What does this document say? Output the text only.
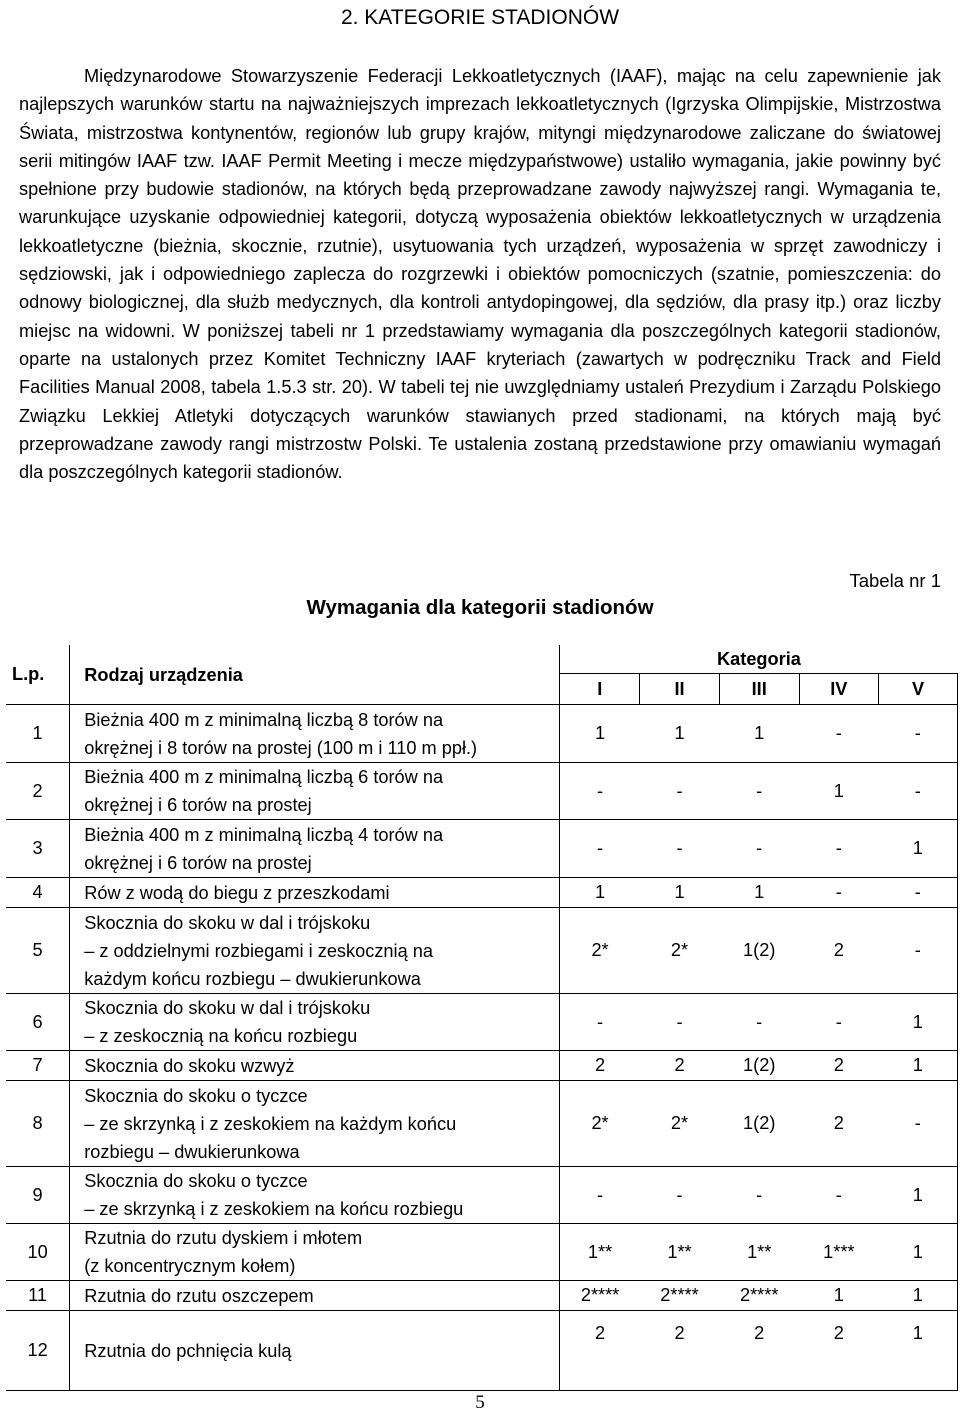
2. KATEGORIE STADIONÓW

Międzynarodowe Stowarzyszenie Federacji Lekkoatletycznych (IAAF), mając na celu zapewnienie jak najlepszych warunków startu na najważniejszych imprezach lekkoatletycznych (Igrzyska Olimpijskie, Mistrzostwa Świata, mistrzostwa kontynentów, regionów lub grupy krajów, mityngi międzynarodowe zaliczane do światowej serii mitingów IAAF tzw. IAAF Permit Meeting i mecze międzypaństwowe) ustaliło wymagania, jakie powinny być spełnione przy budowie stadionów, na których będą przeprowadzane zawody najwyższej rangi. Wymagania te, warunkujące uzyskanie odpowiedniej kategorii, dotyczą wyposażenia obiektów lekkoatletycznych w urządzenia lekkoatletyczne (bieżnia, skocznie, rzutnie), usytuowania tych urządzeń, wyposażenia w sprzęt zawodniczy i sędziowski, jak i odpowiedniego zaplecza do rozgrzewki i obiektów pomocniczych (szatnie, pomieszczenia: do odnowy biologicznej, dla służb medycznych, dla kontroli antydopingowej, dla sędziów, dla prasy itp.) oraz liczby miejsc na widowni. W poniższej tabeli nr 1 przedstawiamy wymagania dla poszczególnych kategorii stadionów, oparte na ustalonych przez Komitet Techniczny IAAF kryteriach (zawartych w podręczniku Track and Field Facilities Manual 2008, tabela 1.5.3 str. 20). W tabeli tej nie uwzględniamy ustaleń Prezydium i Zarządu Polskiego Związku Lekkiej Atletyki dotyczących warunków stawianych przed stadionami, na których mają być przeprowadzane zawody rangi mistrzostw Polski. Te ustalenia zostaną przedstawione przy omawianiu wymagań dla poszczególnych kategorii stadionów.

Tabela nr 1
Wymagania dla kategorii stadionów
L.p.	Rodzaj urządzenia	Kategoria				
		I	II	III	IV	V
1	Bieżnia 400 m z minimalną liczbą 8 torów na
okrężnej i 8 torów na prostej (100 m i 110 m ppł.)	1	1	1	-	-
2	Bieżnia 400 m z minimalną liczbą 6 torów na
okrężnej i 6 torów na prostej	-	-	-	1	-
3	Bieżnia 400 m z minimalną liczbą 4 torów na
okrężnej i 6 torów na prostej	-	-	-	-	1
4	Rów z wodą do biegu z przeszkodami	1	1	1	-	-
5	Skocznia do skoku w dal i trójskoku
– z oddzielnymi rozbiegami i zeskocznią na
każdym końcu rozbiegu – dwukierunkowa	2*	2*	1(2)	2	-
6	Skocznia do skoku w dal i trójskoku
– z zeskocznią na końcu rozbiegu	-	-	-	-	1
7	Skocznia do skoku wzwyż	2	2	1(2)	2	1
8	Skocznia do skoku o tyczce
– ze skrzynką i z zeskokiem na każdym końcu
rozbiegu – dwukierunkowa	2*	2*	1(2)	2	-
9	Skocznia do skoku o tyczce
– ze skrzynką i z zeskokiem na końcu rozbiegu	-	-	-	-	1
10	Rzutnia do rzutu dyskiem i młotem
(z koncentrycznym kołem)	1**	1**	1**	1***	1
11	Rzutnia do rzutu oszczepem	2****	2****	2****	1	1
12	Rzutnia do pchnięcia kulą	2	2	2	2	1
5
